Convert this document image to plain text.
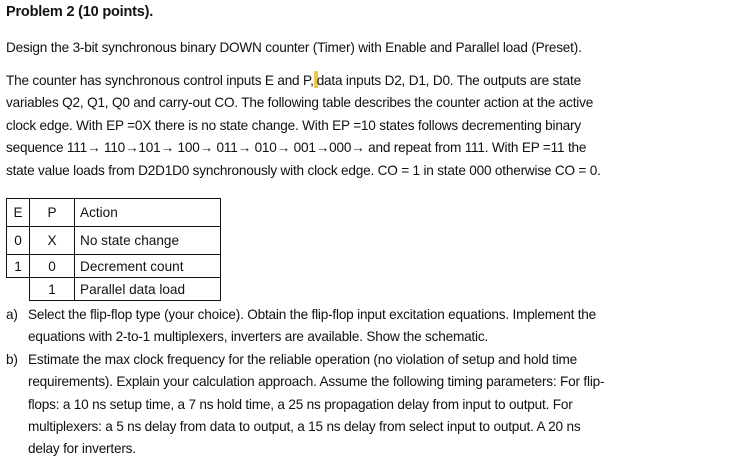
Problem 2 (10 points).
Design the 3-bit synchronous binary DOWN counter (Timer) with Enable and Parallel load (Preset).
The counter has synchronous control inputs E and P, data inputs D2, D1, D0. The outputs are state
variables Q2, Q1, Q0 and carry-out CO. The following table describes the counter action at the active
clock edge. With EP =0X there is no state change. With EP =10 states follows decrementing binary
sequence 111→ 110→101→ 100→ 011→ 010→ 001→000→ and repeat from 111. With EP =11 the
state value loads from D2D1D0 synchronously with clock edge. CO = 1 in state 000 otherwise CO = 0.
E	P	Action
0	X	No state change
1	0	Decrement count
	1	Parallel data load
a) Select the flip-flop type (your choice). Obtain the flip-flop input excitation equations. Implement the
equations with 2-to-1 multiplexers, inverters are available. Show the schematic.
b) Estimate the max clock frequency for the reliable operation (no violation of setup and hold time
requirements). Explain your calculation approach. Assume the following timing parameters: For flip-
flops: a 10 ns setup time, a 7 ns hold time, a 25 ns propagation delay from input to output. For
multiplexers: a 5 ns delay from data to output, a 15 ns delay from select input to output. A 20 ns
delay for inverters.
